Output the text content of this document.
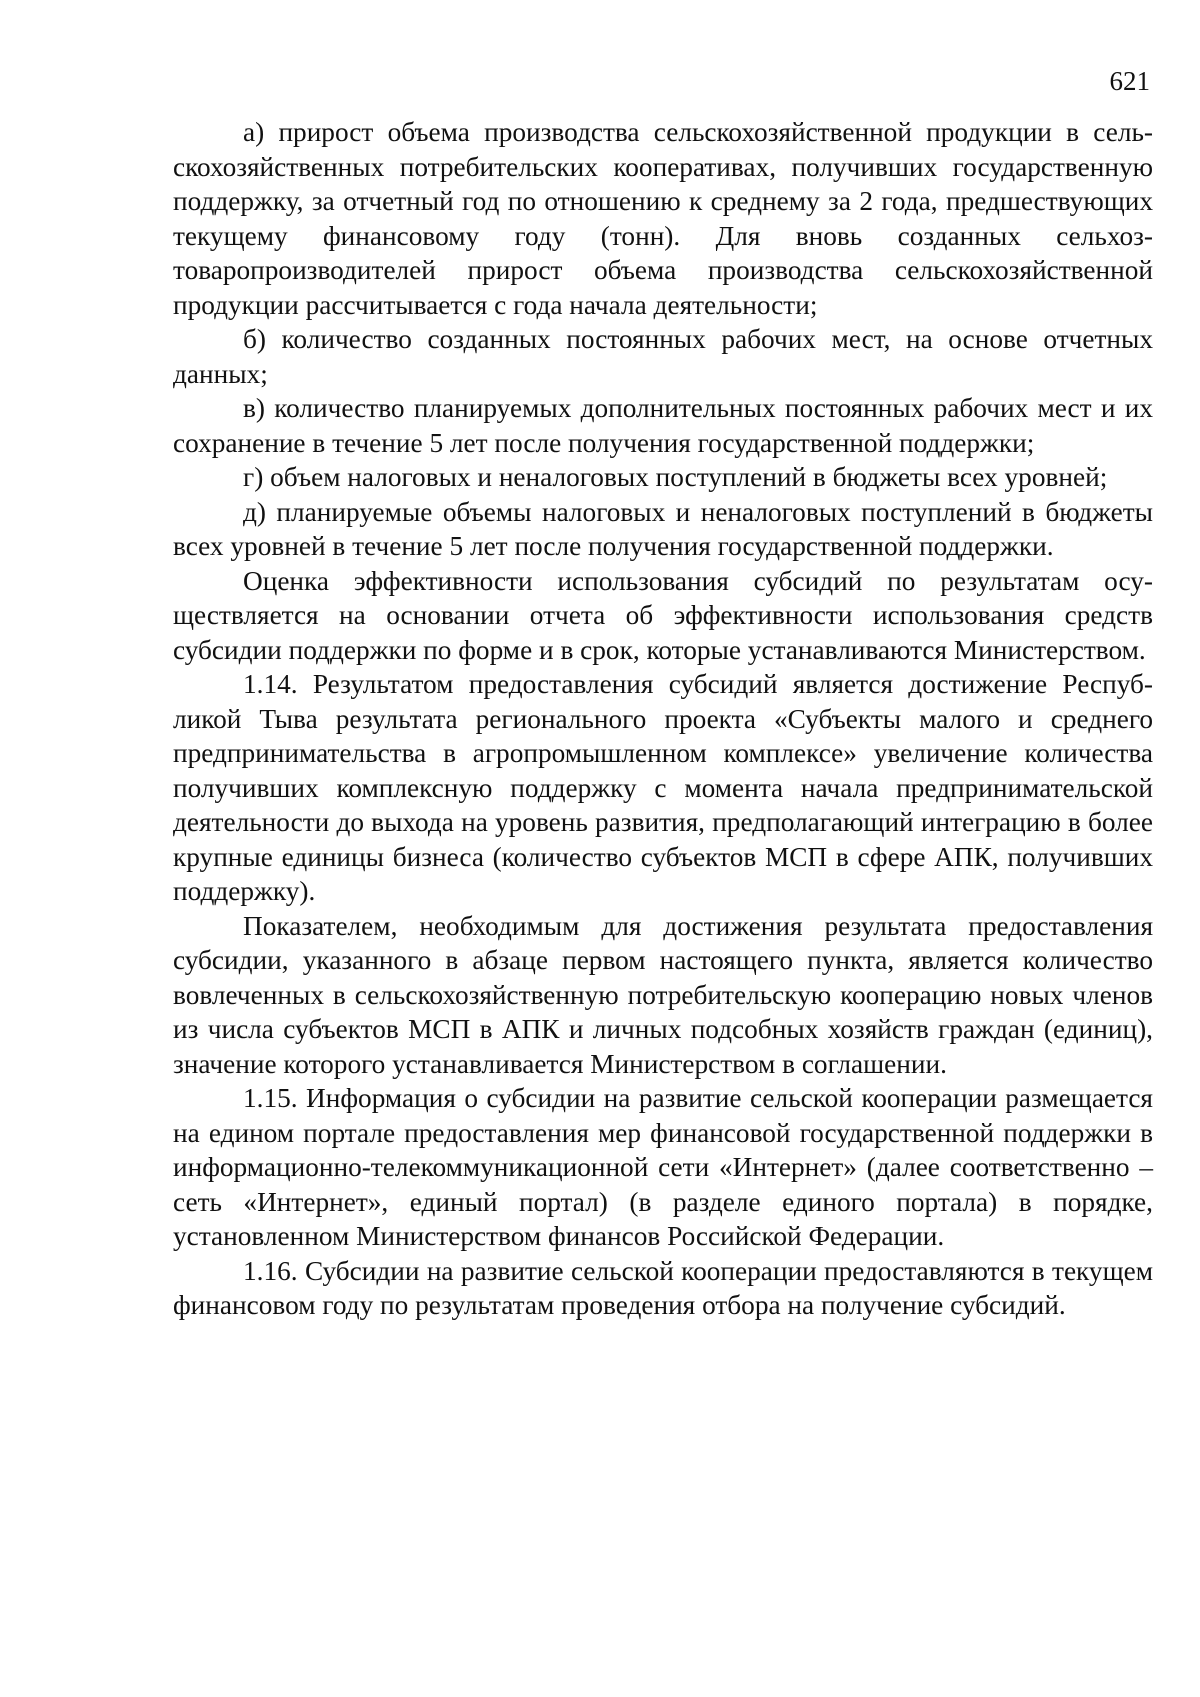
621

а) прирост объема производства сельскохозяйственной продукции в сельскохозяйственных потребительских кооперативах, получивших государственную поддержку, за отчетный год по отношению к среднему за 2 года, предшествующих текущему финансовому году (тонн). Для вновь созданных сельхозтоваропроизводителей прирост объема производства сельскохозяйственной продукции рассчитывается с года начала деятельности;

б) количество созданных постоянных рабочих мест, на основе отчетных данных;

в) количество планируемых дополнительных постоянных рабочих мест и их сохранение в течение 5 лет после получения государственной поддержки;

г) объем налоговых и неналоговых поступлений в бюджеты всех уровней;

д) планируемые объемы налоговых и неналоговых поступлений в бюджеты всех уровней в течение 5 лет после получения государственной поддержки.

Оценка эффективности использования субсидий по результатам осуществляется на основании отчета об эффективности использования средств субсидии поддержки по форме и в срок, которые устанавливаются Министерством.

1.14. Результатом предоставления субсидий является достижение Республикой Тыва результата регионального проекта «Субъекты малого и среднего предпринимательства в агропромышленном комплексе» увеличение количества получивших комплексную поддержку с момента начала предпринимательской деятельности до выхода на уровень развития, предполагающий интеграцию в более крупные единицы бизнеса (количество субъектов МСП в сфере АПК, получивших поддержку).

Показателем, необходимым для достижения результата предоставления субсидии, указанного в абзаце первом настоящего пункта, является количество вовлеченных в сельскохозяйственную потребительскую кооперацию новых членов из числа субъектов МСП в АПК и личных подсобных хозяйств граждан (единиц), значение которого устанавливается Министерством в соглашении.

1.15. Информация о субсидии на развитие сельской кооперации размещается на едином портале предоставления мер финансовой государственной поддержки в информационно-телекоммуникационной сети «Интернет» (далее соответственно – сеть «Интернет», единый портал) (в разделе единого портала) в порядке, установленном Министерством финансов Российской Федерации.

1.16. Субсидии на развитие сельской кооперации предоставляются в текущем финансовом году по результатам проведения отбора на получение субсидий.
